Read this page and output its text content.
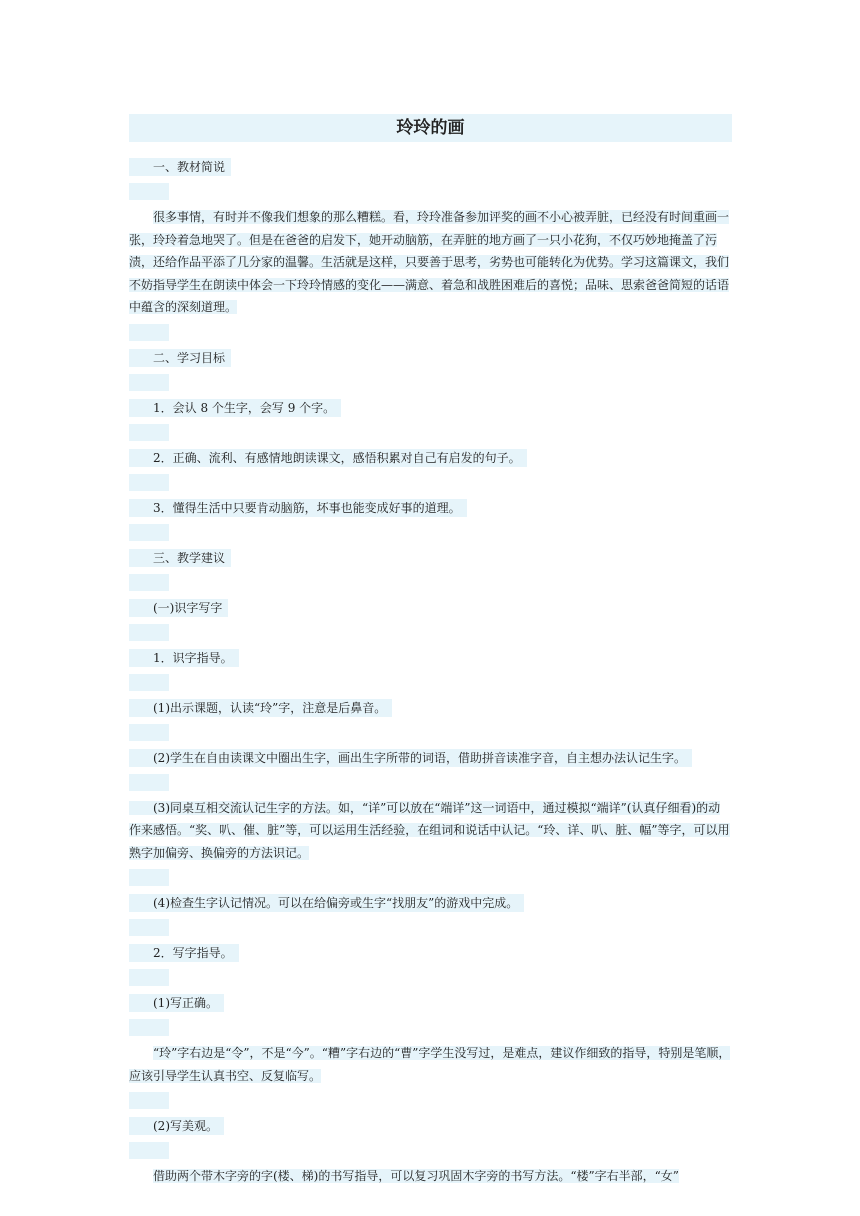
玲玲的画

一、教材简说

很多事情，有时并不像我们想象的那么糟糕。看，玲玲准备参加评奖的画不小心被弄脏，已经没有时间重画一张，玲玲着急地哭了。但是在爸爸的启发下，她开动脑筋，在弄脏的地方画了一只小花狗，不仅巧妙地掩盖了污渍，还给作品平添了几分家的温馨。生活就是这样，只要善于思考，劣势也可能转化为优势。学习这篇课文，我们不妨指导学生在朗读中体会一下玲玲情感的变化——满意、着急和战胜困难后的喜悦；品味、思索爸爸简短的话语中蕴含的深刻道理。

二、学习目标

1．会认 8 个生字，会写 9 个字。

2．正确、流利、有感情地朗读课文，感悟积累对自己有启发的句子。

3．懂得生活中只要肯动脑筋，坏事也能变成好事的道理。

三、教学建议

(一)识字写字

1．识字指导。

(1)出示课题，认读“玲”字，注意是后鼻音。

(2)学生在自由读课文中圈出生字，画出生字所带的词语，借助拼音读准字音，自主想办法认记生字。

(3)同桌互相交流认记生字的方法。如，“详”可以放在“端详”这一词语中，通过模拟“端详”(认真仔细看)的动作来感悟。“奖、叭、催、脏”等，可以运用生活经验，在组词和说话中认记。“玲、详、叭、脏、幅”等字，可以用熟字加偏旁、换偏旁的方法识记。

(4)检查生字认记情况。可以在给偏旁或生字“找朋友”的游戏中完成。

2．写字指导。

(1)写正确。

“玲”字右边是“令”，不是“今”。“糟”字右边的“曹”字学生没写过，是难点，建议作细致的指导，特别是笔顺，应该引导学生认真书空、反复临写。

(2)写美观。

借助两个带木字旁的字(楼、梯)的书写指导，可以复习巩固木字旁的书写方法。“楼”字右半部，“女”
